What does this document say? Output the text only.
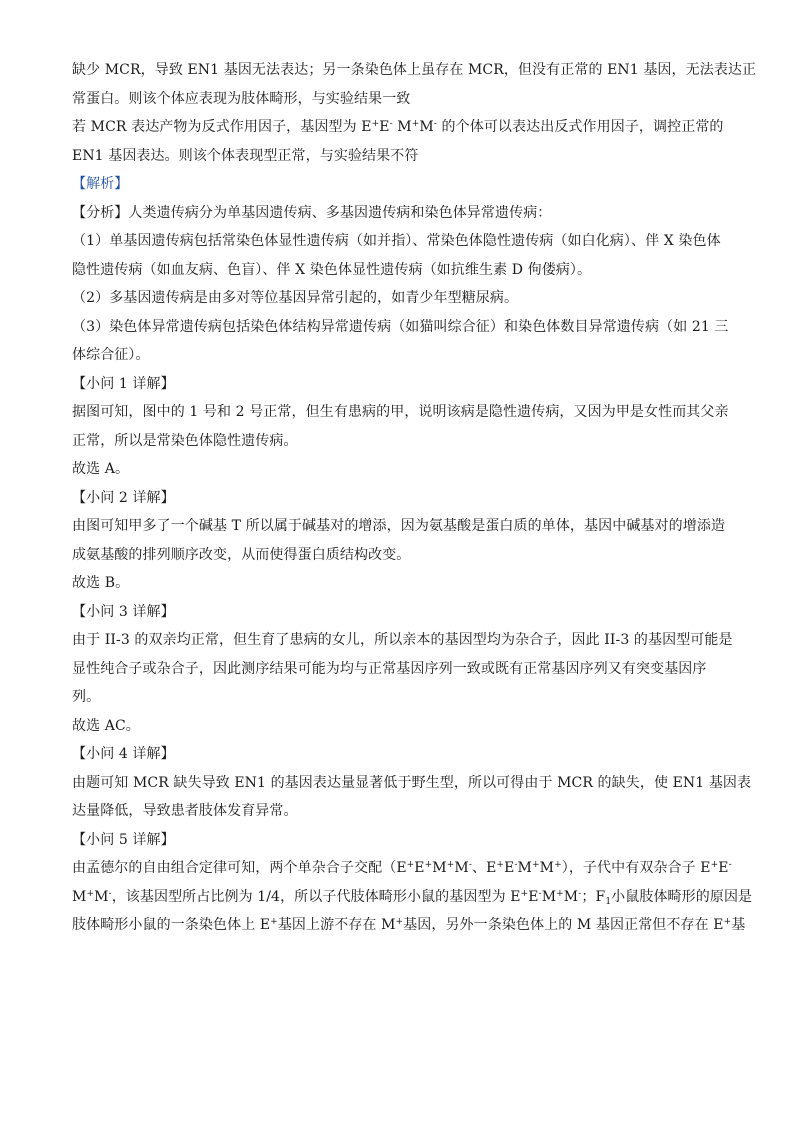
缺少 MCR，导致 EN1 基因无法表达；另一条染色体上虽存在 MCR，但没有正常的 EN1 基因，无法表达正
常蛋白。则该个体应表现为肢体畸形，与实验结果一致
若 MCR 表达产物为反式作用因子，基因型为 E+E- M+M- 的个体可以表达出反式作用因子，调控正常的
EN1 基因表达。则该个体表现型正常，与实验结果不符
【解析】
【分析】人类遗传病分为单基因遗传病、多基因遗传病和染色体异常遗传病：
（1）单基因遗传病包括常染色体显性遗传病（如并指）、常染色体隐性遗传病（如白化病）、伴 X 染色体
隐性遗传病（如血友病、色盲）、伴 X 染色体显性遗传病（如抗维生素 D 佝偻病）。
（2）多基因遗传病是由多对等位基因异常引起的，如青少年型糖尿病。
（3）染色体异常遗传病包括染色体结构异常遗传病（如猫叫综合征）和染色体数目异常遗传病（如 21 三
体综合征）。
【小问 1 详解】
据图可知，图中的 1 号和 2 号正常，但生有患病的甲，说明该病是隐性遗传病，又因为甲是女性而其父亲
正常，所以是常染色体隐性遗传病。
故选 A。
【小问 2 详解】
由图可知甲多了一个碱基 T 所以属于碱基对的增添，因为氨基酸是蛋白质的单体，基因中碱基对的增添造
成氨基酸的排列顺序改变，从而使得蛋白质结构改变。
故选 B。
【小问 3 详解】
由于 II-3 的双亲均正常，但生育了患病的女儿，所以亲本的基因型均为杂合子，因此 II-3 的基因型可能是
显性纯合子或杂合子，因此测序结果可能为均与正常基因序列一致或既有正常基因序列又有突变基因序
列。
故选 AC。
【小问 4 详解】
由题可知 MCR 缺失导致 EN1 的基因表达量显著低于野生型，所以可得由于 MCR 的缺失，使 EN1 基因表
达量降低，导致患者肢体发育异常。
【小问 5 详解】
由孟德尔的自由组合定律可知，两个单杂合子交配（E+E+M+M-、E+E-M+M+），子代中有双杂合子 E+E-
M+M-，该基因型所占比例为 1/4，所以子代肢体畸形小鼠的基因型为 E+E-M+M-；$F_1$小鼠肢体畸形的原因是
肢体畸形小鼠的一条染色体上 E+基因上游不存在 M+基因，另外一条染色体上的 M 基因正常但不存在 E+基
